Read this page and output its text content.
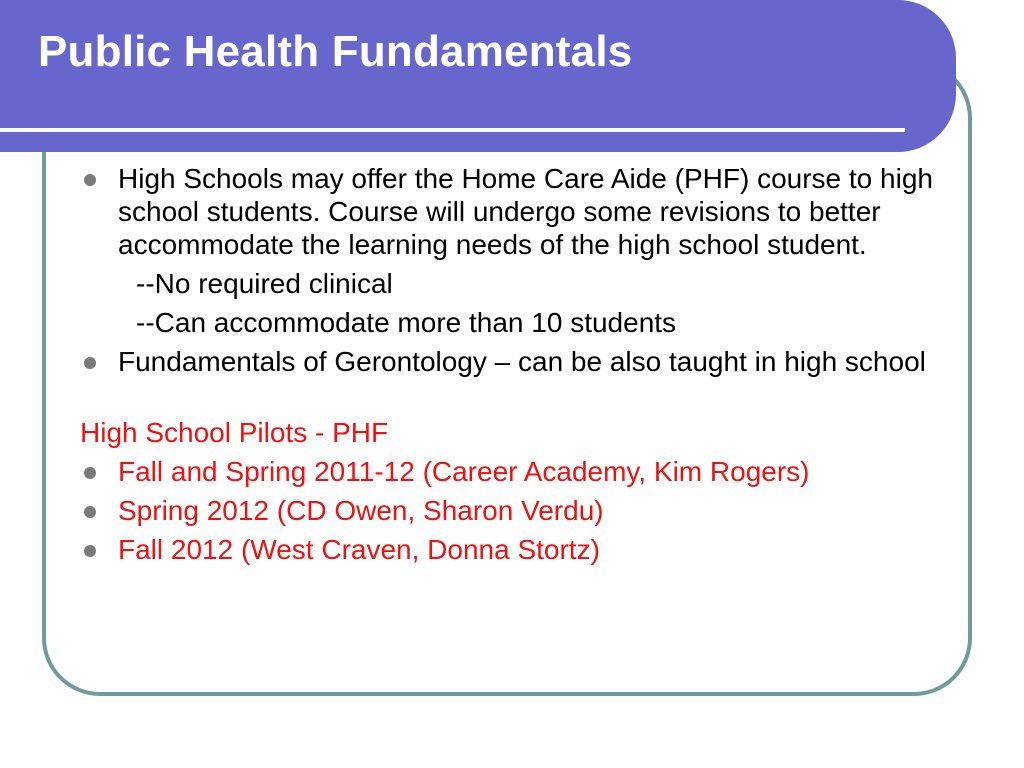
Public Health Fundamentals
High Schools may offer the Home Care Aide (PHF) course to high school students. Course will undergo some revisions to better accommodate the learning needs of the high school student.
--No required clinical
--Can accommodate more than 10 students
Fundamentals of Gerontology – can be also taught in high school
High School Pilots - PHF
Fall and Spring 2011-12 (Career Academy, Kim Rogers)
Spring 2012 (CD Owen, Sharon Verdu)
Fall 2012 (West Craven, Donna Stortz)
